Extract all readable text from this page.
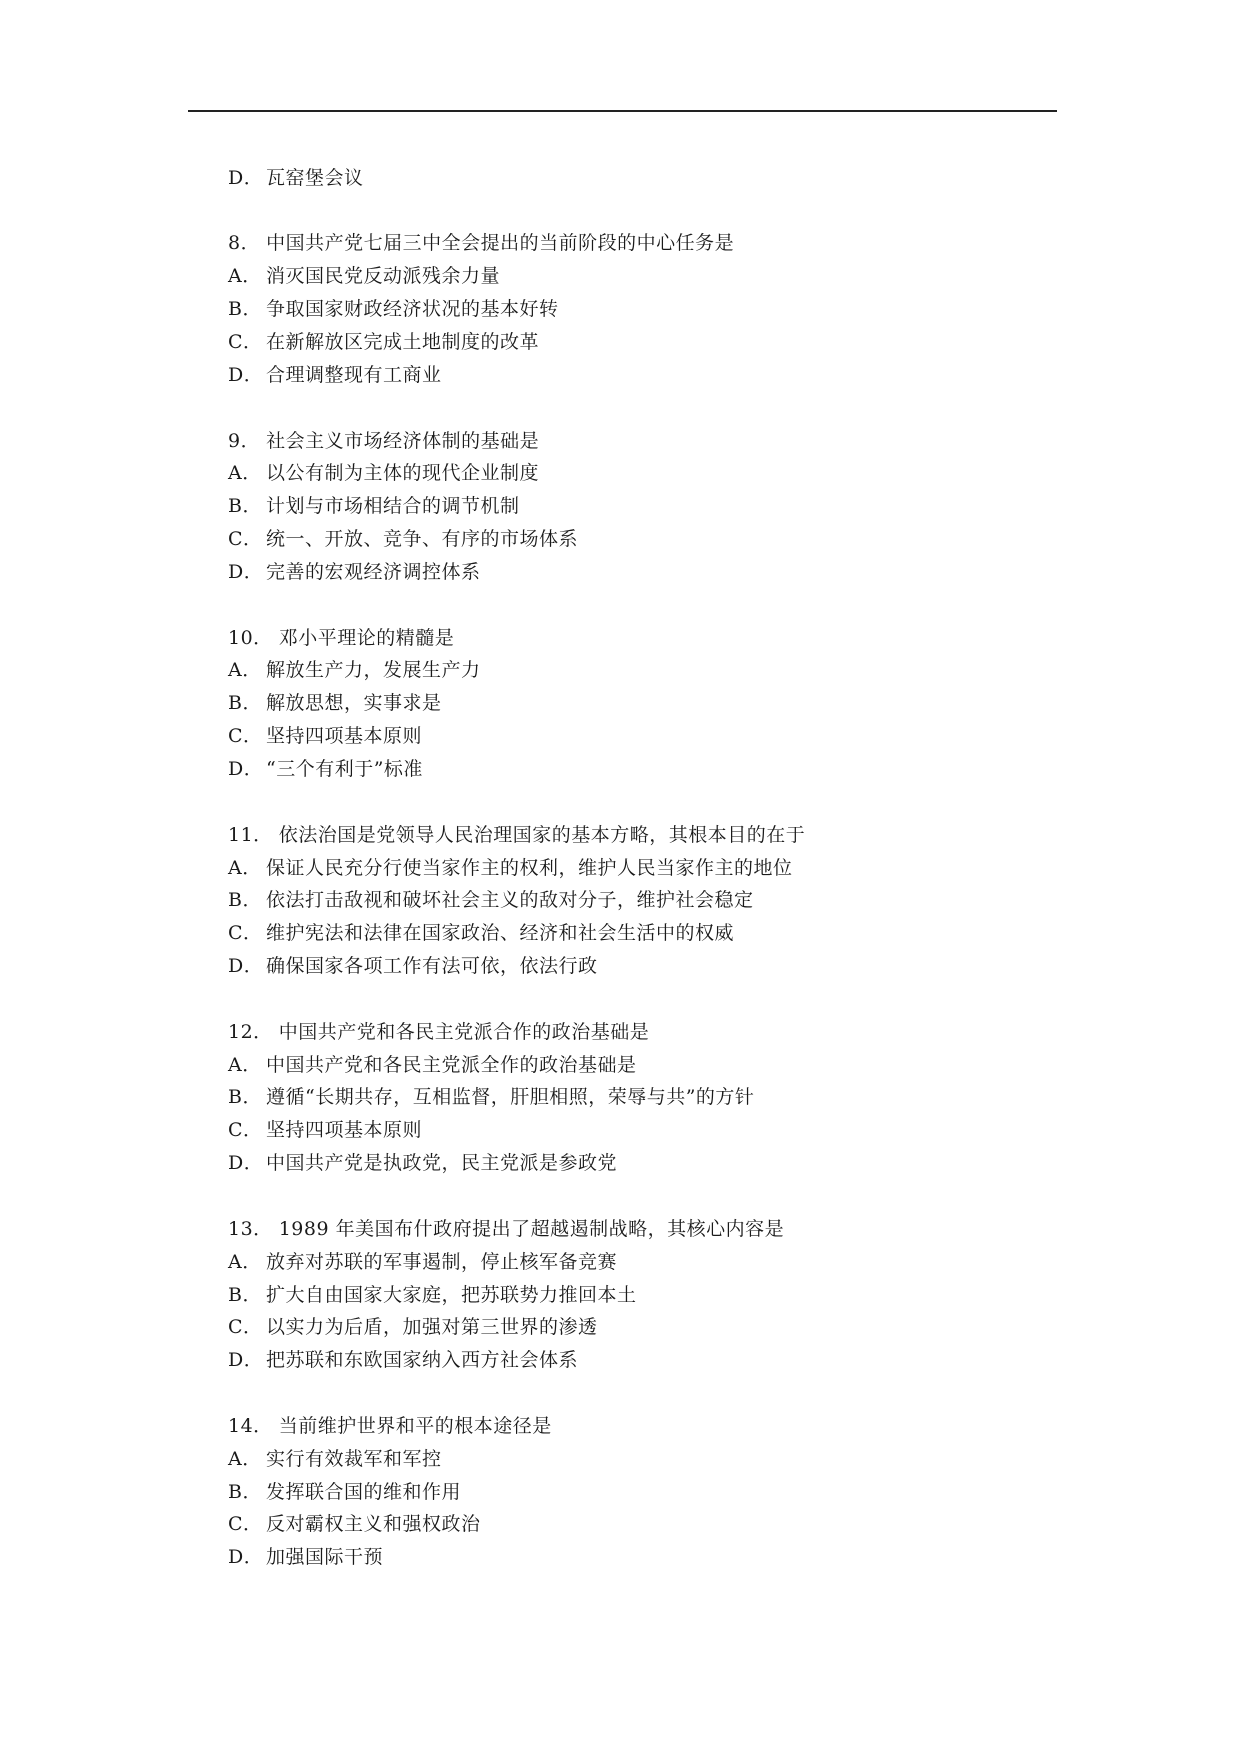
D． 瓦窑堡会议
8． 中国共产党七届三中全会提出的当前阶段的中心任务是
A． 消灭国民党反动派残余力量
B． 争取国家财政经济状况的基本好转
C． 在新解放区完成土地制度的改革
D． 合理调整现有工商业
9． 社会主义市场经济体制的基础是
A． 以公有制为主体的现代企业制度
B． 计划与市场相结合的调节机制
C． 统一、开放、竞争、有序的市场体系
D． 完善的宏观经济调控体系
10． 邓小平理论的精髓是
A． 解放生产力，发展生产力
B． 解放思想，实事求是
C． 坚持四项基本原则
D． “三个有利于”标准
11． 依法治国是党领导人民治理国家的基本方略，其根本目的在于
A． 保证人民充分行使当家作主的权利，维护人民当家作主的地位
B． 依法打击敌视和破坏社会主义的敌对分子，维护社会稳定
C． 维护宪法和法律在国家政治、经济和社会生活中的权威
D． 确保国家各项工作有法可依，依法行政
12． 中国共产党和各民主党派合作的政治基础是
A． 中国共产党和各民主党派全作的政治基础是
B． 遵循“长期共存，互相监督，肝胆相照，荣辱与共”的方针
C． 坚持四项基本原则
D． 中国共产党是执政党，民主党派是参政党
13． 1989 年美国布什政府提出了超越遏制战略，其核心内容是
A． 放弃对苏联的军事遏制，停止核军备竞赛
B． 扩大自由国家大家庭，把苏联势力推回本土
C． 以实力为后盾，加强对第三世界的渗透
D． 把苏联和东欧国家纳入西方社会体系
14． 当前维护世界和平的根本途径是
A． 实行有效裁军和军控
B． 发挥联合国的维和作用
C． 反对霸权主义和强权政治
D． 加强国际干预
